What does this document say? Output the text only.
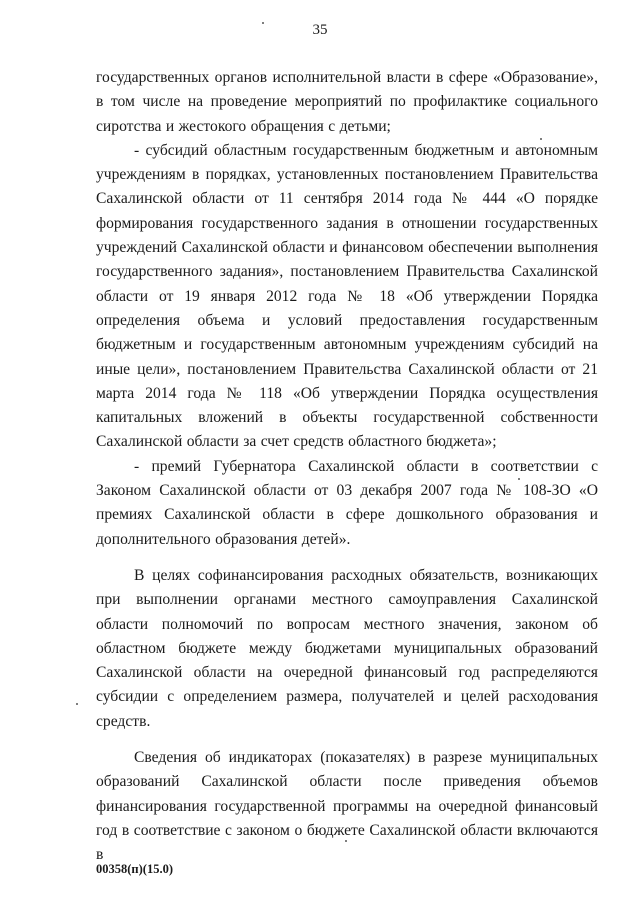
35

государственных органов исполнительной власти в сфере «Образование», в том числе на проведение мероприятий по профилактике социального сиротства и жестокого обращения с детьми;

- субсидий областным государственным бюджетным и автономным учреждениям в порядках, установленных постановлением Правительства Сахалинской области от 11 сентября 2014 года № 444 «О порядке формирования государственного задания в отношении государственных учреждений Сахалинской области и финансовом обеспечении выполнения государственного задания», постановлением Правительства Сахалинской области от 19 января 2012 года № 18 «Об утверждении Порядка определения объема и условий предоставления государственным бюджетным и государственным автономным учреждениям субсидий на иные цели», постановлением Правительства Сахалинской области от 21 марта 2014 года № 118 «Об утверждении Порядка осуществления капитальных вложений в объекты государственной собственности Сахалинской области за счет средств областного бюджета»;

- премий Губернатора Сахалинской области в соответствии с Законом Сахалинской области от 03 декабря 2007 года № 108-ЗО «О премиях Сахалинской области в сфере дошкольного образования и дополнительного образования детей».

В целях софинансирования расходных обязательств, возникающих при выполнении органами местного самоуправления Сахалинской области полномочий по вопросам местного значения, законом об областном бюджете между бюджетами муниципальных образований Сахалинской области на очередной финансовый год распределяются субсидии с определением размера, получателей и целей расходования средств.

Сведения об индикаторах (показателях) в разрезе муниципальных образований Сахалинской области после приведения объемов финансирования государственной программы на очередной финансовый год в соответствие с законом о бюджете Сахалинской области включаются в

00358(п)(15.0)
